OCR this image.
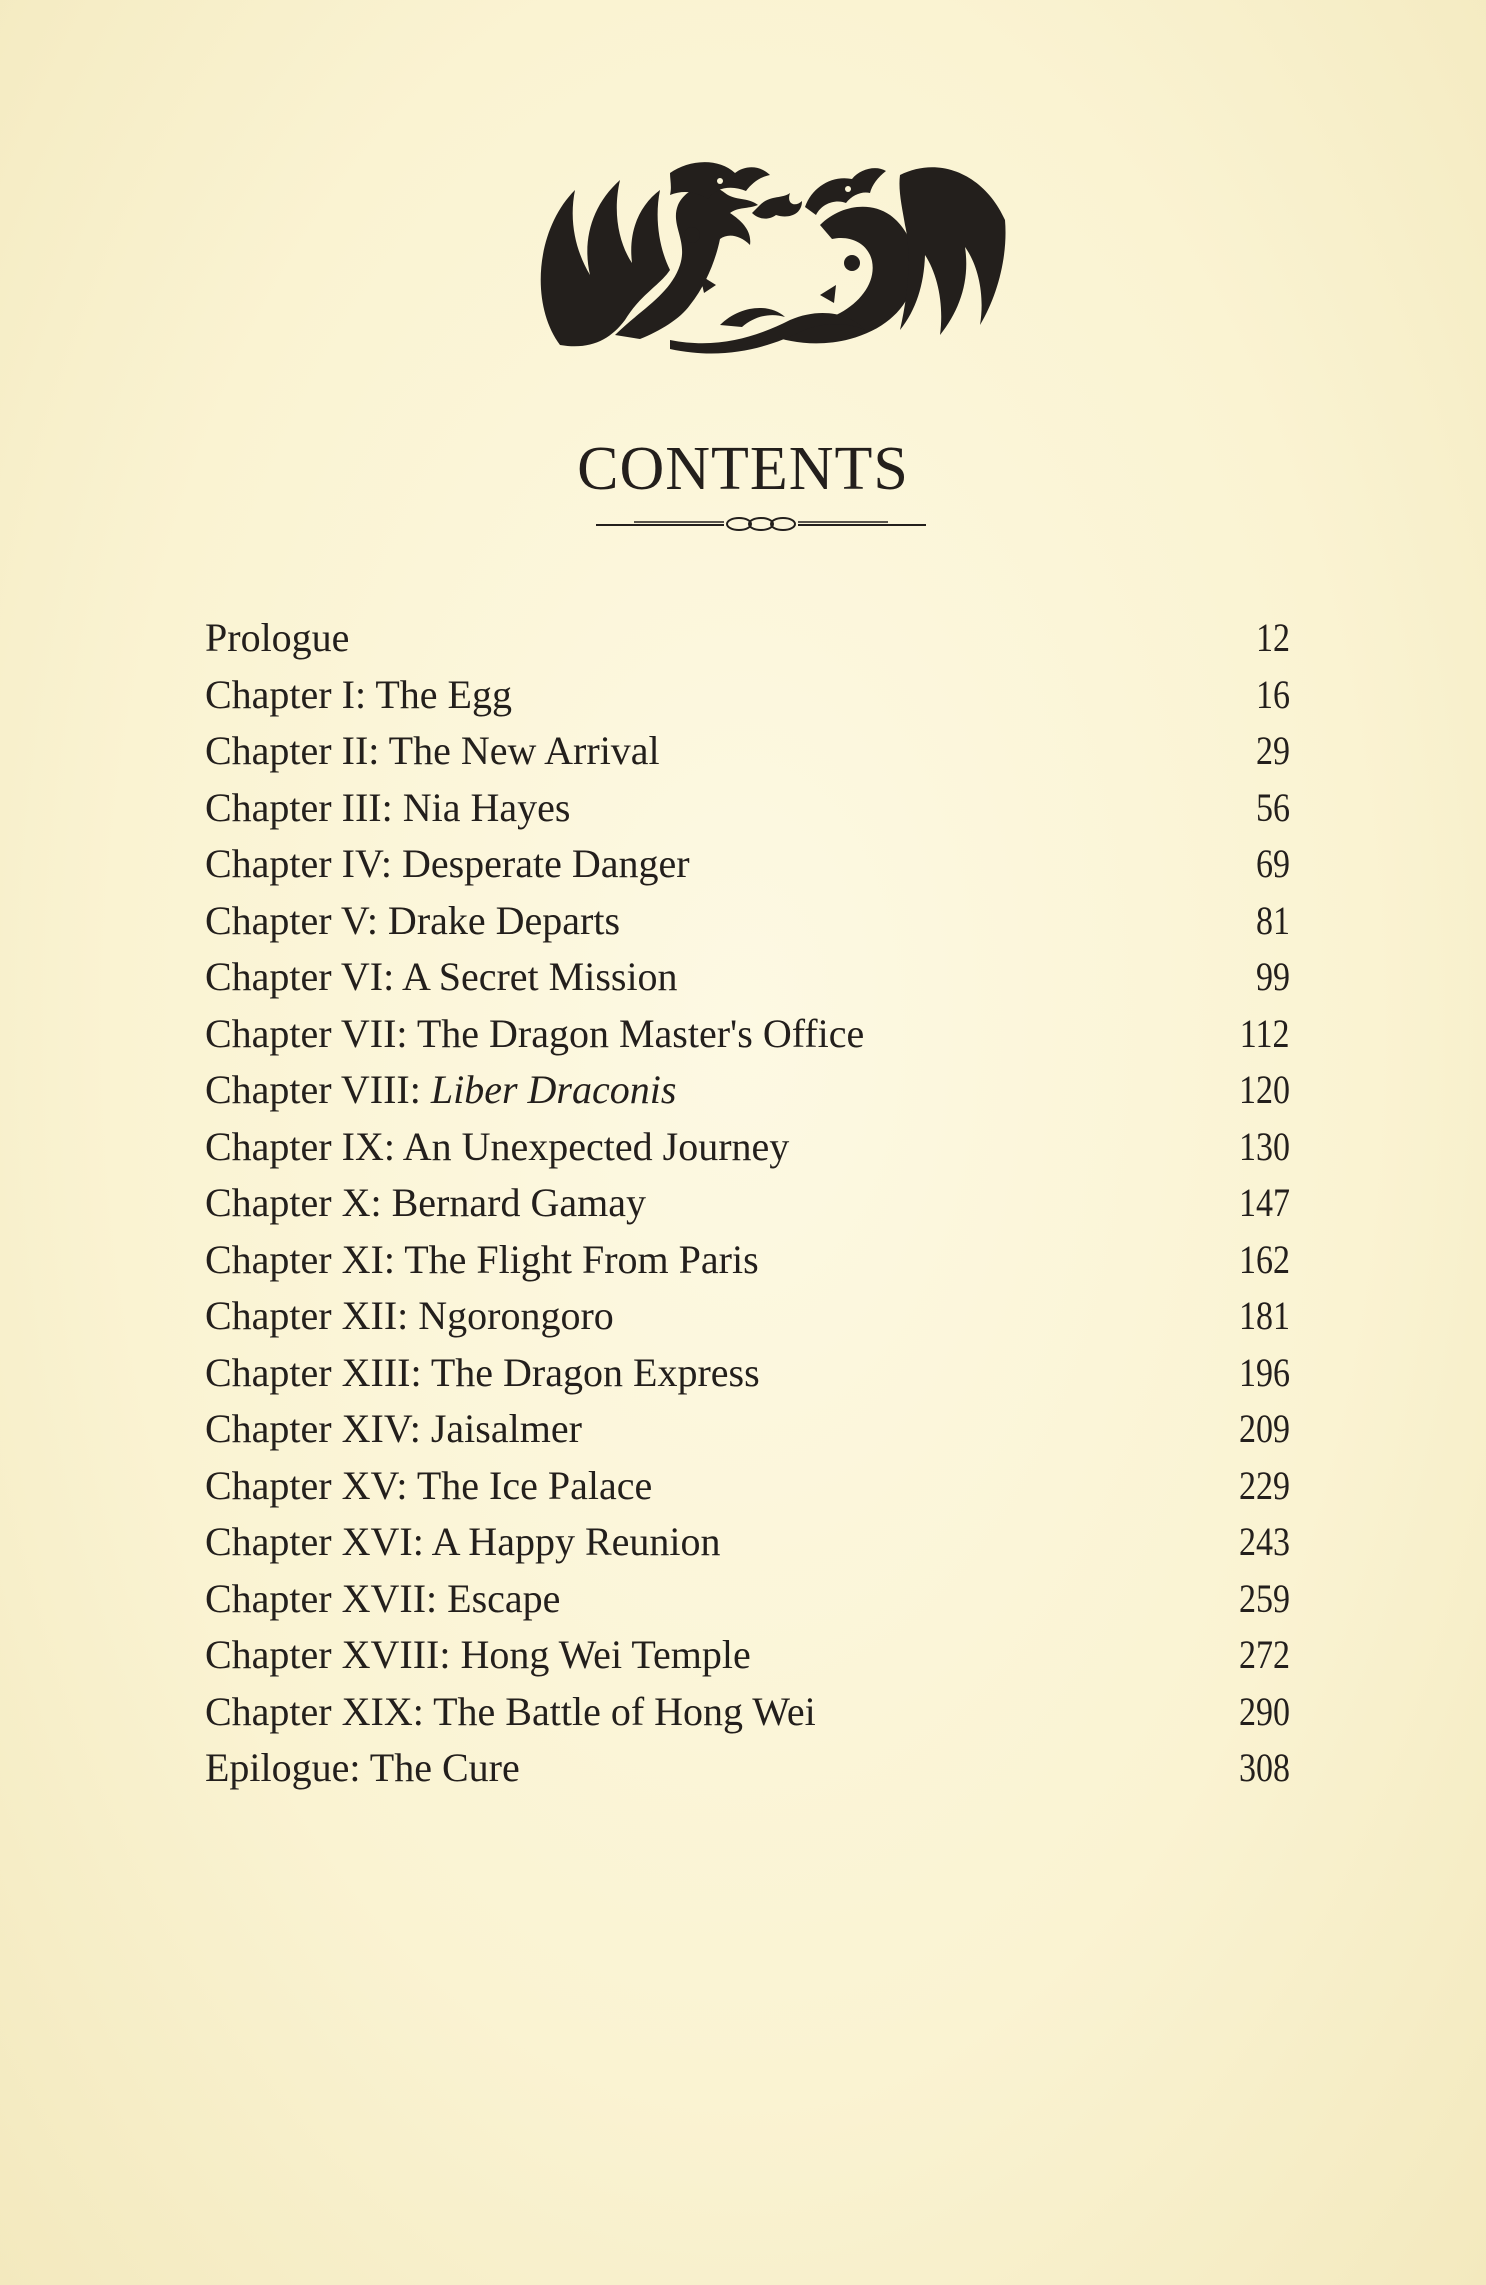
CONTENTS
Prologue	12
Chapter I: The Egg	16
Chapter II: The New Arrival	29
Chapter III: Nia Hayes	56
Chapter IV: Desperate Danger	69
Chapter V: Drake Departs	81
Chapter VI: A Secret Mission	99
Chapter VII: The Dragon Master's Office	112
Chapter VIII: Liber Draconis	120
Chapter IX: An Unexpected Journey	130
Chapter X: Bernard Gamay	147
Chapter XI: The Flight From Paris	162
Chapter XII: Ngorongoro	181
Chapter XIII: The Dragon Express	196
Chapter XIV: Jaisalmer	209
Chapter XV: The Ice Palace	229
Chapter XVI: A Happy Reunion	243
Chapter XVII: Escape	259
Chapter XVIII: Hong Wei Temple	272
Chapter XIX: The Battle of Hong Wei	290
Epilogue: The Cure	308
